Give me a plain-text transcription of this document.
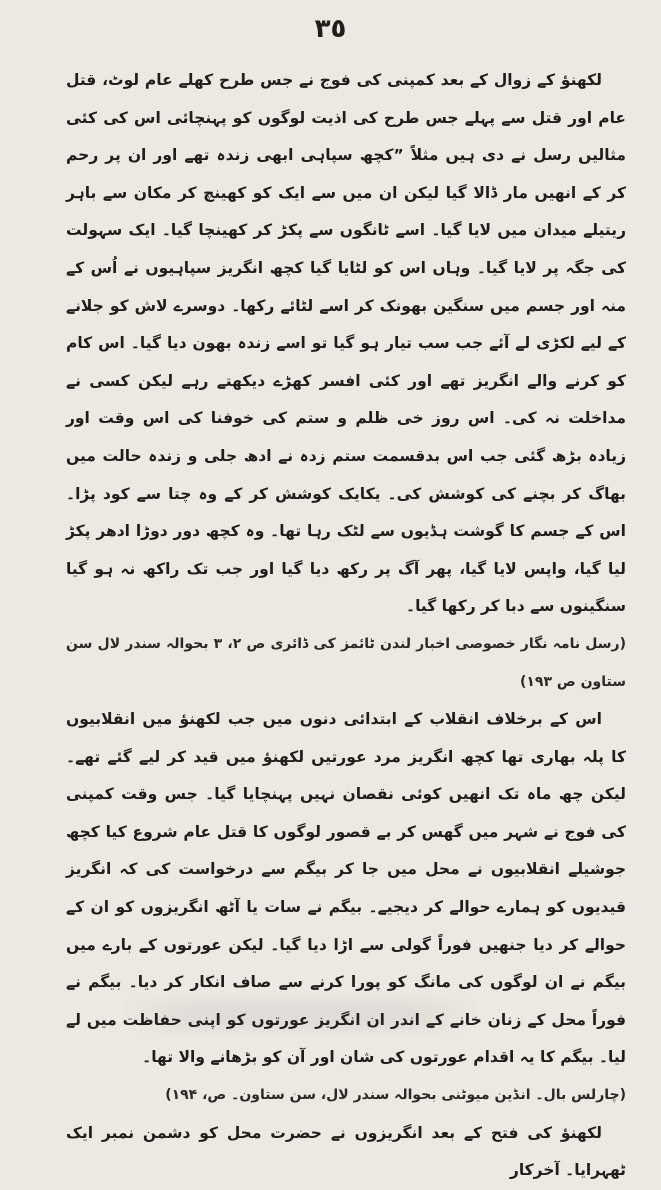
٣٥

لکھنؤ کے زوال کے بعد کمپنی کی فوج نے جس طرح کھلے عام لوٹ، قتل عام اور قتل سے پہلے جس طرح کی اذیت لوگوں کو پہنچائی اس کی کئی مثالیں رسل نے دی ہیں مثلاً ”کچھ سپاہی ابھی زندہ تھے اور ان پر رحم کر کے انھیں مار ڈالا گیا لیکن ان میں سے ایک کو کھینچ کر مکان سے باہر ریتیلے میدان میں لایا گیا۔ اسے ٹانگوں سے پکڑ کر کھینچا گیا۔ ایک سہولت کی جگہ پر لایا گیا۔ وہاں اس کو لٹایا گیا کچھ انگریز سپاہیوں نے اُس کے منہ اور جسم میں سنگین بھونک کر اسے لٹائے رکھا۔ دوسرے لاش کو جلانے کے لیے لکڑی لے آئے جب سب تیار ہو گیا تو اسے زندہ بھون دیا گیا۔ اس کام کو کرنے والے انگریز تھے اور کئی افسر کھڑے دیکھتے رہے لیکن کسی نے مداخلت نہ کی۔ اس روز خی ظلم و ستم کی خوفنا کی اس وقت اور زیادہ بڑھ گئی جب اس بدقسمت ستم زدہ نے ادھ جلی و زندہ حالت میں بھاگ کر بچنے کی کوشش کی۔ یکایک کوشش کر کے وہ چتا سے کود پڑا۔ اس کے جسم کا گوشت ہڈیوں سے لٹک رہا تھا۔ وہ کچھ دور دوڑا ادھر پکڑ لیا گیا، واپس لایا گیا، پھر آگ پر رکھ دیا گیا اور جب تک راکھ نہ ہو گیا سنگینوں سے دبا کر رکھا گیا۔

(رسل نامہ نگار خصوصی اخبار لندن ٹائمز کی ڈائری ص ۲، ۳ بحوالہ سندر لال سن ستاون ص ۱۹۳)

اس کے برخلاف انقلاب کے ابتدائی دنوں میں جب لکھنؤ میں انقلابیوں کا پلہ بھاری تھا کچھ انگریز مرد عورتیں لکھنؤ میں قید کر لیے گئے تھے۔ لیکن چھ ماہ تک انھیں کوئی نقصان نہیں پہنچایا گیا۔ جس وقت کمپنی کی فوج نے شہر میں گھس کر بے قصور لوگوں کا قتل عام شروع کیا کچھ جوشیلے انقلابیوں نے محل میں جا کر بیگم سے درخواست کی کہ انگریز قیدیوں کو ہمارے حوالے کر دیجیے۔ بیگم نے سات یا آٹھ انگریزوں کو ان کے حوالے کر دیا جنھیں فوراً گولی سے اڑا دیا گیا۔ لیکن عورتوں کے بارے میں بیگم نے ان لوگوں کی مانگ کو پورا کرنے سے صاف انکار کر دیا۔ بیگم نے فوراً محل کے زنان خانے کے اندر ان انگریز عورتوں کو اپنی حفاظت میں لے لیا۔ بیگم کا یہ اقدام عورتوں کی شان اور آن کو بڑھانے والا تھا۔

(چارلس بال۔ انڈین میوٹنی بحوالہ سندر لال، سن ستاون۔ ص، ۱۹۴)

لکھنؤ کی فتح کے بعد انگریزوں نے حضرت محل کو دشمن نمبر ایک ٹھہرایا۔ آخرکار
